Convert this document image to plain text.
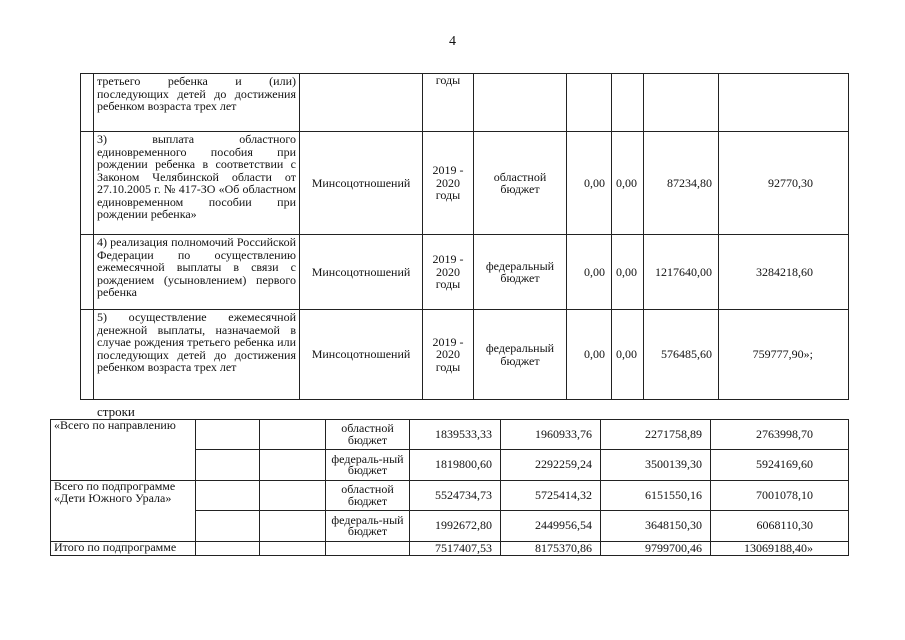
4
	третьего ребенка и (или) последующих детей до достижения ребенком возраста трех лет		годы					
	3) выплата областного единовременного пособия при рождении ребенка в соответствии с Законом Челябинской области от 27.10.2005 г. № 417-ЗО «Об областном единовременном пособии при рождении ребенка»	Минсоцотношений	2019 - 2020 годы	областной бюджет	0,00	0,00	87234,80	92770,30
	4) реализация полномочий Российской Федерации по осуществлению ежемесячной выплаты в связи с рождением (усыновлением) первого ребенка	Минсоцотношений	2019 - 2020 годы	федеральный бюджет	0,00	0,00	1217640,00	3284218,60
	5) осуществление ежемесячной денежной выплаты, назначаемой в случае рождения третьего ребенка или последующих детей до достижения ребенком возраста трех лет	Минсоцотношений	2019 - 2020 годы	федеральный бюджет	0,00	0,00	576485,60	759777,90»;
строки
«Всего по направлению			областной бюджет	1839533,33	1960933,76	2271758,89	2763998,70
			федераль-ный бюджет	1819800,60	2292259,24	3500139,30	5924169,60
Всего по подпрограмме «Дети Южного Урала»			областной бюджет	5524734,73	5725414,32	6151550,16	7001078,10
			федераль-ный бюджет	1992672,80	2449956,54	3648150,30	6068110,30
Итого по подпрограмме				7517407,53	8175370,86	9799700,46	13069188,40»
